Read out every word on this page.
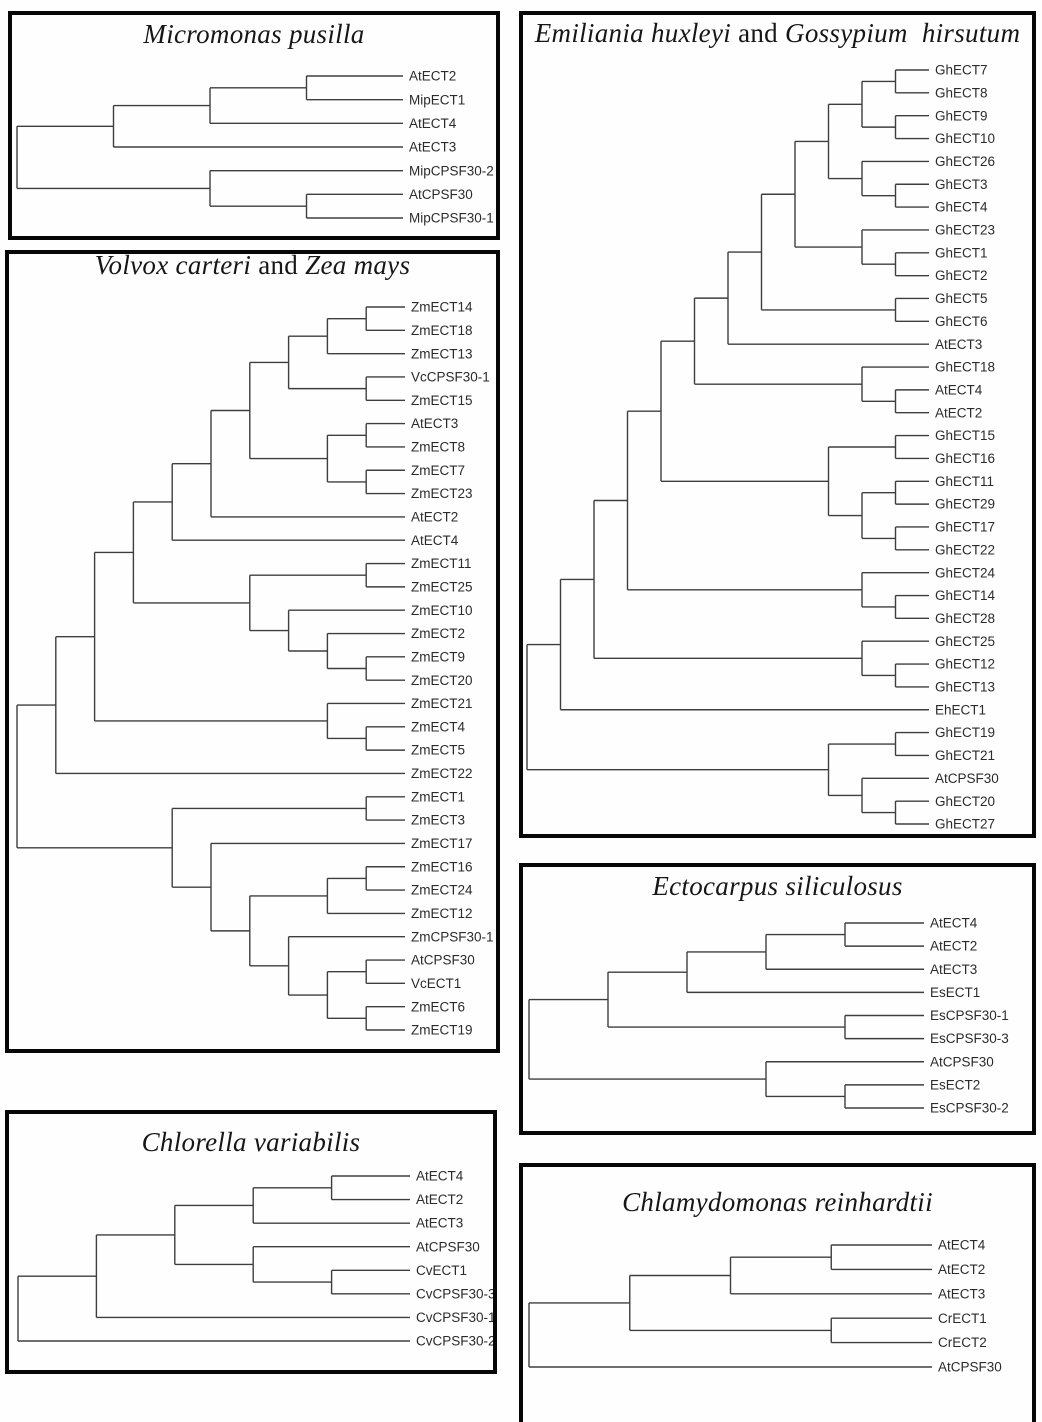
AtECT2
MipECT1
AtECT4
AtECT3
MipCPSF30-2
AtCPSF30
MipCPSF30-1
ZmECT14
ZmECT18
ZmECT13
VcCPSF30-1
ZmECT15
AtECT3
ZmECT8
ZmECT7
ZmECT23
AtECT2
AtECT4
ZmECT11
ZmECT25
ZmECT10
ZmECT2
ZmECT9
ZmECT20
ZmECT21
ZmECT4
ZmECT5
ZmECT22
ZmECT1
ZmECT3
ZmECT17
ZmECT16
ZmECT24
ZmECT12
ZmCPSF30-1
AtCPSF30
VcECT1
ZmECT6
ZmECT19
GhECT7
GhECT8
GhECT9
GhECT10
GhECT26
GhECT3
GhECT4
GhECT23
GhECT1
GhECT2
GhECT5
GhECT6
AtECT3
GhECT18
AtECT4
AtECT2
GhECT15
GhECT16
GhECT11
GhECT29
GhECT17
GhECT22
GhECT24
GhECT14
GhECT28
GhECT25
GhECT12
GhECT13
EhECT1
GhECT19
GhECT21
AtCPSF30
GhECT20
GhECT27
AtECT4
AtECT2
AtECT3
EsECT1
EsCPSF30-1
EsCPSF30-3
AtCPSF30
EsECT2
EsCPSF30-2
AtECT4
AtECT2
AtECT3
AtCPSF30
CvECT1
CvCPSF30-3
CvCPSF30-1
CvCPSF30-2
AtECT4
AtECT2
AtECT3
CrECT1
CrECT2
AtCPSF30
Micromonas pusilla
Volvox carteri and Zea mays
Emiliania huxleyi and Gossypium  hirsutum
Ectocarpus siliculosus
Chlorella variabilis
Chlamydomonas reinhardtii
